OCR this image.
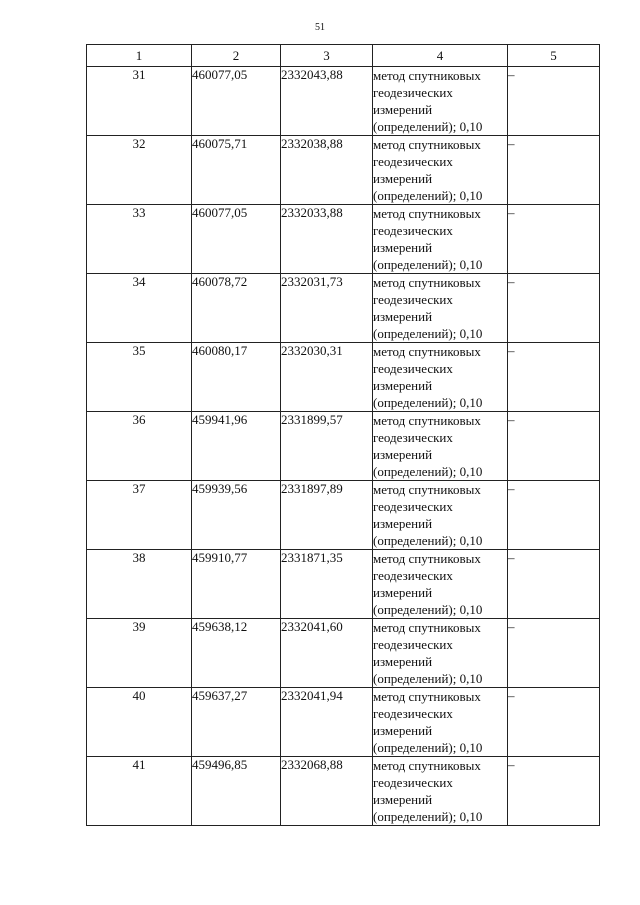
51
1	2	3	4	5
31	460077,05	2332043,88	метод спутниковых
геодезических
измерений
(определений); 0,10	–
32	460075,71	2332038,88	метод спутниковых
геодезических
измерений
(определений); 0,10	–
33	460077,05	2332033,88	метод спутниковых
геодезических
измерений
(определений); 0,10	–
34	460078,72	2332031,73	метод спутниковых
геодезических
измерений
(определений); 0,10	–
35	460080,17	2332030,31	метод спутниковых
геодезических
измерений
(определений); 0,10	–
36	459941,96	2331899,57	метод спутниковых
геодезических
измерений
(определений); 0,10	–
37	459939,56	2331897,89	метод спутниковых
геодезических
измерений
(определений); 0,10	–
38	459910,77	2331871,35	метод спутниковых
геодезических
измерений
(определений); 0,10	–
39	459638,12	2332041,60	метод спутниковых
геодезических
измерений
(определений); 0,10	–
40	459637,27	2332041,94	метод спутниковых
геодезических
измерений
(определений); 0,10	–
41	459496,85	2332068,88	метод спутниковых
геодезических
измерений
(определений); 0,10	–
